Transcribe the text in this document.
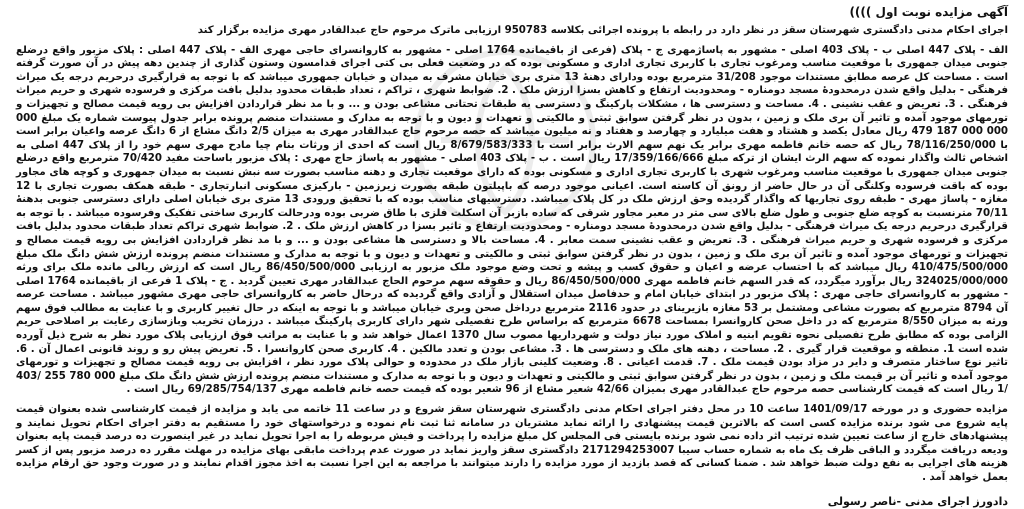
آگهی مزایده نوبت اول ))))

اجرای احکام مدنی دادگستری شهرستان سقز در نظر دارد در رابطه با پرونده اجرائی بکلاسه 950783 ارزیابی ماترک مرحوم حاج عبدالقادر مهری مزایده برگزار کند

الف - پلاک 447 اصلی ب - پلاک 403 اصلی - مشهور به پاساژمهری ج - پلاک (فرعی از باقیمانده 1764 اصلی - مشهور به کاروانسرای حاجی مهری الف - پلاک 447 اصلی : پلاک مزبور واقع درضلع جنوبی میدان جمهوری با موقعیت مناسب ومرغوب تجاری با کاربری تجاری اداری و مسکونی بوده که در وضعیت فعلی بی کتی اجرای قدامسون وستون گذاری از چندین دهه پیش در آن صورت گرفته است . مساحت کل عرصه مطابق مستندات موجود 31/208 مترمربع بوده ودارای دهنهٔ 13 متری بری خیابان مشرف به میدان و خیابان جمهوری میباشد که با توجه به قرارگیری درحریم درجه یک میراث فرهنگی - بدلیل واقع شدن درمحدودهٔ مسجد دومناره - ومحدودیت ارتفاع و کاهش بسزا ارزش ملک . 2. ضوابط شهری ، تراکم ، تعداد طبقات محدود بدلیل بافت مرکزی و فرسوده شهری و حریم میراث فرهنگی . 3. تعریض و عقب نشینی . 4. مساحت و دسترسی ها ، مشکلات پارکینگ و دسترسی به طبقات تحتانی مشاعی بودن و ... و با مد نظر قراردادن افزایش بی رویه قیمت مصالح و تجهیزات و تورمهای موجود آمده و تاثیر آن بری ملک و زمین ، بدون در نظر گرفتن سوابق ثبتی و مالکیتی و تعهدات و دیون و با توجه به مدارک و مستندات منضم پرونده برابر جدول پیوست شماره یک مبلغ 000 000 000 187 479 ریال معادل یکصد و هشتاد و هفت میلیارد و چهارصد و هفتاد و نه میلیون میباشد که حصه مرحوم حاج عبدالقادر مهری به میزان 2/5 دانگ مشاع از 6 دانگ عرصه واعیان برابر است با 78/116/250/000 ریال که حصه خانم فاطمه مهری برابر یک نهم سهم الارث برابر است با 8/679/583/333 ریال است که احدی از ورثات بنام چیا مادح مهری سهم خود را از پلاک 447 اصلی به اشخاص ثالث واگذار نموده که سهم الرث ایشان از ترکه مبلغ 17/359/166/666 ریال است . ب - پلاک 403 اصلی - مشهور به پاساژ حاج مهری : پلاک مزبور باساحت مفید 70/420 مترمربع واقع درضلع جنوبی میدان جمهوری با موقعیت مناسب ومرغوب شهری با کاربری تجاری اداری و مسکونی بوده که دارای موقعیت تجاری و دهنه مناسب بصورت سه نبش نسبت به میدان جمهوری و کوچه های مجاور بوده که باقت فرسوده وکلنگی آن در حال حاضر از رونق آن کاسته است. اعیانی موجود درصه که باپیلتون طبقه بصورت زیرزمین - بارکیزی مسکونی انبارتجاری - طبقه همکف بصورت تجاری با 12 مغازه - پاساژ مهری - طبقه روی تجاریها که واگذار گردیده وحق ارزش ملک در کل پلاک میباشد. دسترسیهای مناسب بوده که با تحقیق ورودی 13 متری بری خیابان اصلی دارای دسترسی جنوبی بدهنهٔ 70/11 مترنسبت به کوچه ضلع جنوبی و طول ضلع بالای سی متر در معبر مجاور شرقی که ساده بازبر آن اسکلت فلزی با طاق ضربی بوده ودرحالت کاربری ساختی تفکیک وفرسوده میباشد . با توجه به قرارگیری درحریم درجه یک میراث فرهنگی - بدلیل واقع شدن درمحدودهٔ مسجد دومناره - ومحدودیت ارتفاع و تاثیر بسزا در کاهش ارزش ملک . 2. ضوابط شهری تراکم تعداد طبقات محدود بدلیل بافت مرکزی و فرسوده شهری و حریم میراث فرهنگی . 3. تعریض و عقب نشینی سمت معابر . 4. مساحت بالا و دسترسی ها مشاعی بودن و ... و با مد نظر قراردادن افزایش بی رویه قیمت مصالح و تجهیزات و تورمهای موجود آمده و تاثیر آن بری ملک و زمین ، بدون در نظر گرفتن سوابق ثبتی و مالکیتی و تعهدات و دیون و با توجه به مدارک و مستندات منضم پرونده ارزش شش دانگ ملک مبلغ 410/475/500/000 ریال میباشد که با احتساب عرضه و اعیان و حقوق کسب و پیشه و تحت وضع موجود ملک مزبور به ارزیابی 86/450/500/000 ریال است که ارزش ریالی مانده ملک برای ورثه 324025/000/000 ریال برآورد میگردد، که قدر السهم خانم فاطمه مهری 86/450/500/000 ریال و حقوقه سهم مرحوم الحاج عبدالقادر مهری تعیین گردید . ج - پلاک 1 فرعی از باقیمانده 1764 اصلی - مشهور به کاروانسرای حاجی مهری : پلاک مزبور در ابتدای خیابان امام و حدفاصل میدان استقلال و آزادی واقع گردیده که درحال حاضر به کاروانسرای حاجی مهری مشهور میباشد . مساحت عرصه آن 8794 مترمربع که بصورت مشاعی ومشتمل بر 53 مغازه بازیرینای در حدود 2116 مترمربع درداخل صحن وبری خیابان میباشد و با توجه به اینکه در حال تغییر کاربری و با عنایت به مطالب فوق سهم ورثه به میزان 8/550 مترمربع که در داخل صحن کاروانسرا بمساحت 6678 مترمربع که براساس طرح تفصیلی شهر دارای کاربری پارکینگ میباشد . درزمان تخریب وبازسازی رعایت بر اصلاحی حریم الزامی بوده که مطابق طرح تفصیلی نحوه تقویم ابنیه و املاک مورد نیاز دولت و شهرداریها مصوب سال 1370 اعمال خواهد شد و با عنایت به مراتب فوق ارزیابی پلاک مورد نظر به شرح ذیل آورده شده است 1. منطقه و موقعیت قرار گیری . 2. مساحت ، دهنه های ملک و دسترسی ها . 3. مشاعی بودن و تعدد مالکین . 4. کاربری صحن کاروانسرا . 5. تعریض پیش رو و روند قانونی اعمال آن . 6. تاثیر نوع ساختار متصرف و دایر در مزاد بودن قیمت ملک . 7. قدمت اعیانی . 8. وضعیت کلینی بازار ملک در محدوده و حوالی پلاک مورد نظر ، افزایش بی رویه قیمت مصالح و تجهیزات و تورمهای موجود آمده و تاثیر آن بر قیمت ملک و زمین ، بدون در نظر گرفتن سوابق ثبتی و مالکیتی و تعهدات و دیون و با توجه به مدارک و مستندات منضم پرونده ارزش شش دانگ ملک مبلغ 000 780 255 /403 /1 ریال است که قیمت کارشناسی حصه مرحوم حاج عبدالقادر مهری بمیزان 42/66 شعیر مشاع از 96 شعیر بوده که قیمت حصه خانم فاطمه مهری 69/285/754/137 ریال است .

مزایده حضوری و در مورخه 1401/09/17 ساعت 10 در محل دفتر اجرای احکام مدنی دادگستری شهرستان سقز شروع و در ساعت 11 خاتمه می یابد و مزایده از قیمت کارشناسی شده بعنوان قیمت پایه شروع می شود برنده مزایده کسی است که بالاترین قیمت پیشنهادی را ارائه نماید مشتریان در سامانه ثنا ثبت نام نموده و درخواستهای خود را مستقیم به دفتر اجرای احکام تحویل نمایند و پیشنهادهای خارج از ساعت تعیین شده ترتیب اثر داده نمی شود برنده بایستی فی المجلس کل مبلغ مزایده را پرداخت و فیش مربوطه را به اجرا تحویل نماید در غیر اینصورت ده درصد قیمت پایه بعنوان ودیعه دریافت میگردد و الباقی ظرف یک ماه به شماره حساب سیبا 2171294253007 دادگستری سقز واریز نماید در صورت عدم پرداخت مابقی بهای مزایده در مهلت مقرر ده درصد مزبور پس از کسر هزینه های اجرایی به نفع دولت ضبط خواهد شد . ضمنا کسانی که قصد بازدید از مورد مزایده را دارند میتوانند با مراجعه به این اجرا نسبت به اخذ مجوز اقدام نمایند و در صورت وجود حق ارقام مزایده بعمل خواهد آمد .

دادورز اجرای مدنی -ناصر رسولی
